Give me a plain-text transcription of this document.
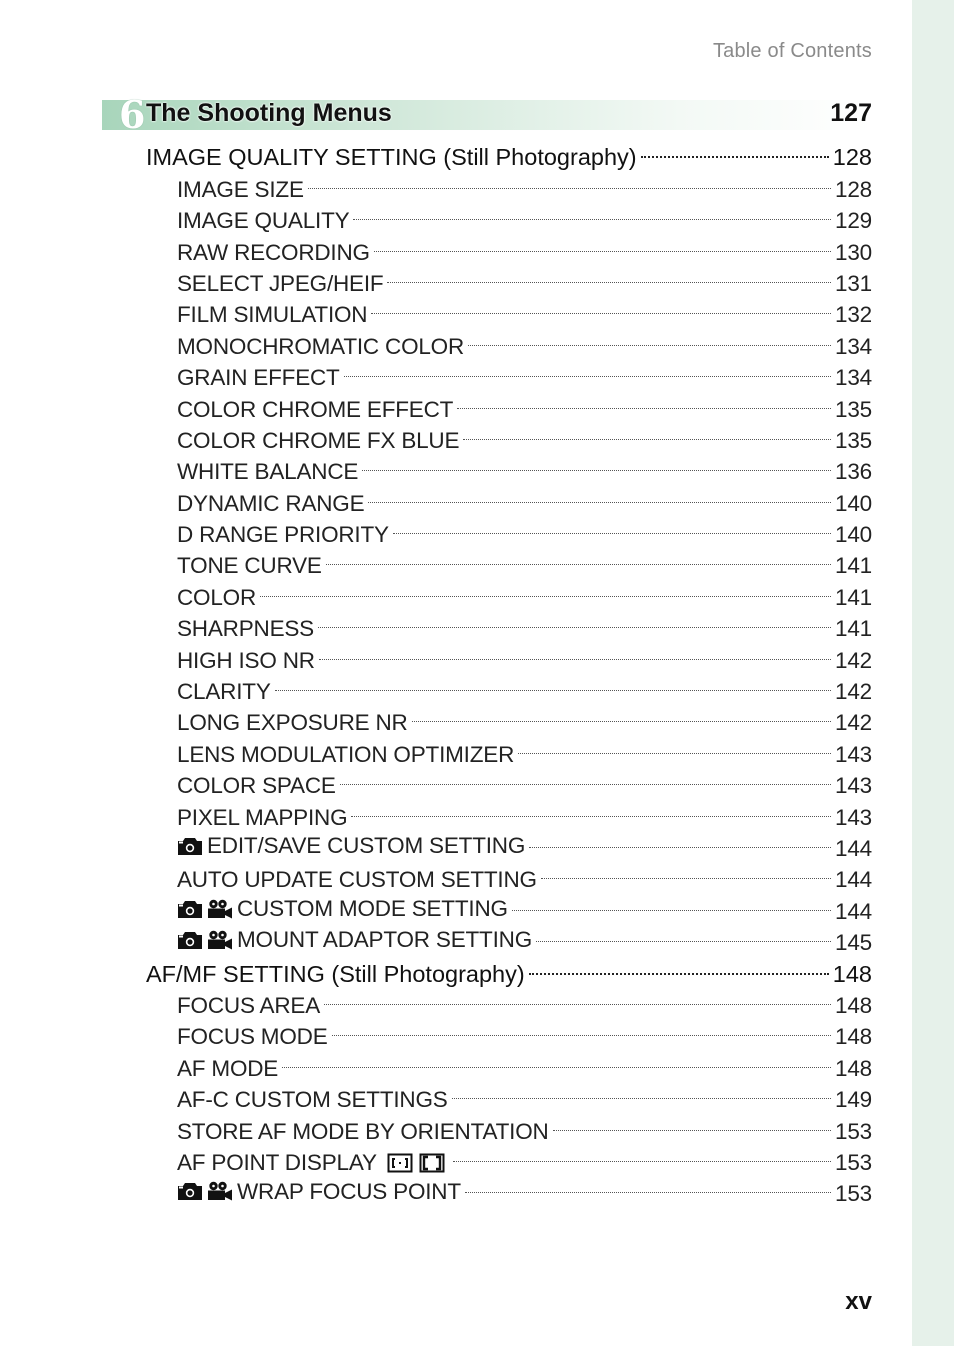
Table of Contents
6 The Shooting Menus	127
IMAGE QUALITY SETTING (Still Photography)	128
IMAGE SIZE	128
IMAGE QUALITY	129
RAW RECORDING	130
SELECT JPEG/HEIF	131
FILM SIMULATION	132
MONOCHROMATIC COLOR	134
GRAIN EFFECT	134
COLOR CHROME EFFECT	135
COLOR CHROME FX BLUE	135
WHITE BALANCE	136
DYNAMIC RANGE	140
D RANGE PRIORITY	140
TONE CURVE	141
COLOR	141
SHARPNESS	141
HIGH ISO NR	142
CLARITY	142
LONG EXPOSURE NR	142
LENS MODULATION OPTIMIZER	143
COLOR SPACE	143
PIXEL MAPPING	143
EDIT/SAVE CUSTOM SETTING	144
AUTO UPDATE CUSTOM SETTING	144
CUSTOM MODE SETTING	144
MOUNT ADAPTOR SETTING	145
AF/MF SETTING (Still Photography)	148
FOCUS AREA	148
FOCUS MODE	148
AF MODE	148
AF-C CUSTOM SETTINGS	149
STORE AF MODE BY ORIENTATION	153
AF POINT DISPLAY	153
WRAP FOCUS POINT	153
xv
